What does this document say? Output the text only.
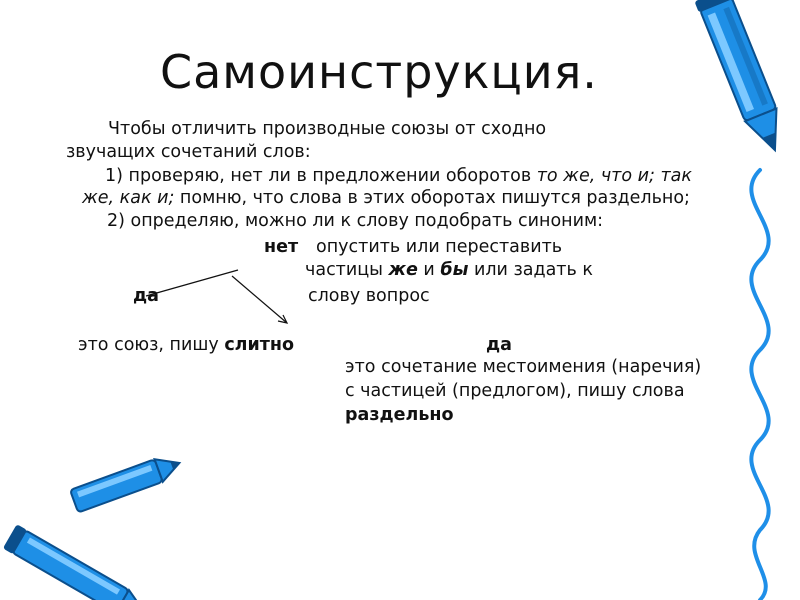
Самоинструкция.
Чтобы отличить производные союзы от сходно
звучащих сочетаний слов:
1) проверяю, нет ли в предложении оборотов то же, что и; так
же, как и; помню, что слова в этих оборотах пишутся раздельно;
2) определяю, можно ли к слову подобрать синоним:
нет опустить или переставить
частицы же и бы или задать к
слову вопрос
да
это союз, пишу слитно	да
это сочетание местоимения (наречия)
с частицей (предлогом), пишу слова
раздельно
